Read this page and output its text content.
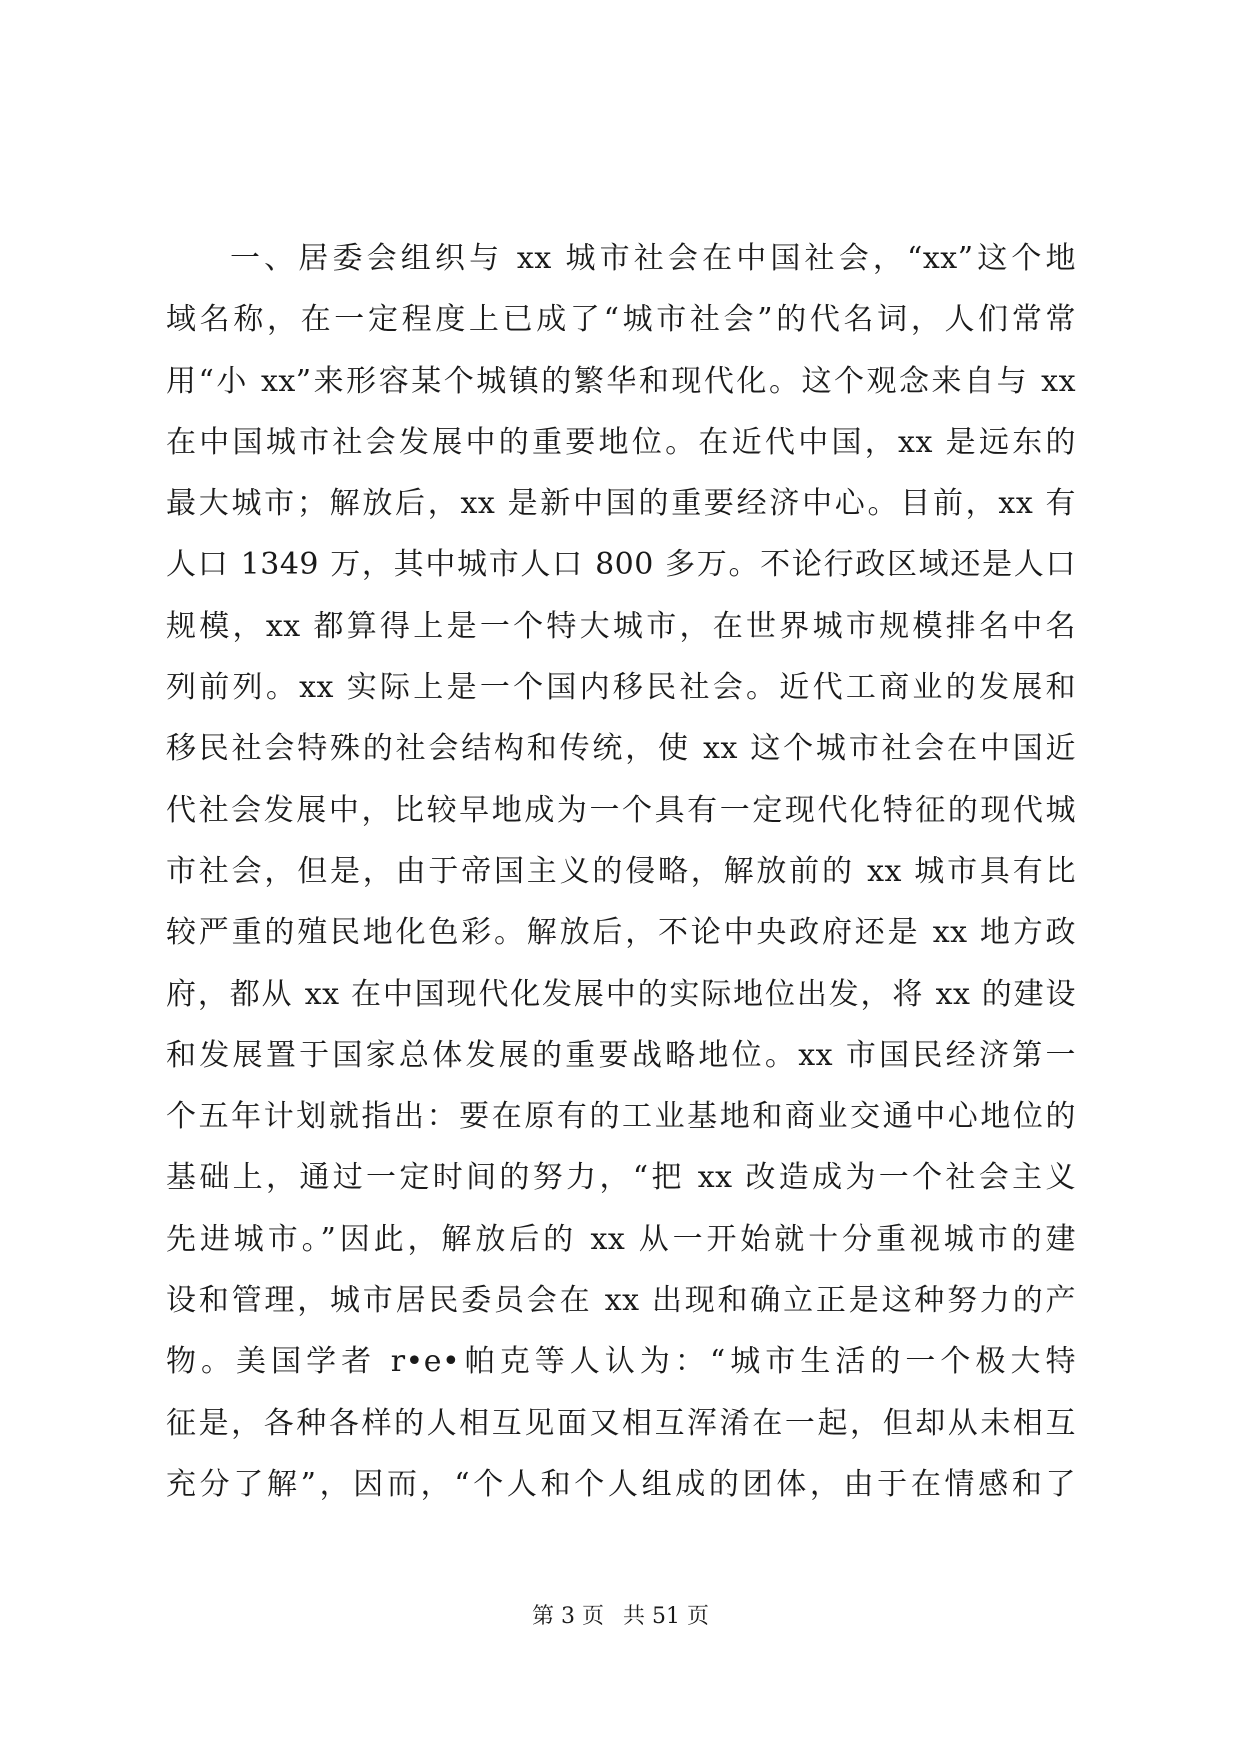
一、居委会组织与 xx 城市社会在中国社会，“xx”这个地
域名称，在一定程度上已成了“城市社会”的代名词，人们常常
用“小 xx”来形容某个城镇的繁华和现代化。这个观念来自与 xx
在中国城市社会发展中的重要地位。在近代中国，xx 是远东的
最大城市；解放后，xx 是新中国的重要经济中心。目前，xx 有
人口 1349 万，其中城市人口 800 多万。不论行政区域还是人口
规模，xx 都算得上是一个特大城市，在世界城市规模排名中名
列前列。xx 实际上是一个国内移民社会。近代工商业的发展和
移民社会特殊的社会结构和传统，使 xx 这个城市社会在中国近
代社会发展中，比较早地成为一个具有一定现代化特征的现代城
市社会，但是，由于帝国主义的侵略，解放前的 xx 城市具有比
较严重的殖民地化色彩。解放后，不论中央政府还是 xx 地方政
府，都从 xx 在中国现代化发展中的实际地位出发，将 xx 的建设
和发展置于国家总体发展的重要战略地位。xx 市国民经济第一
个五年计划就指出：要在原有的工业基地和商业交通中心地位的
基础上，通过一定时间的努力，“把 xx 改造成为一个社会主义
先进城市。”因此，解放后的 xx 从一开始就十分重视城市的建
设和管理，城市居民委员会在 xx 出现和确立正是这种努力的产
物。美国学者 r•e•帕克等人认为：“城市生活的一个极大特
征是，各种各样的人相互见面又相互浑淆在一起，但却从未相互
充分了解”，因而，“个人和个人组成的团体，由于在情感和了
第 3 页 共 51 页
